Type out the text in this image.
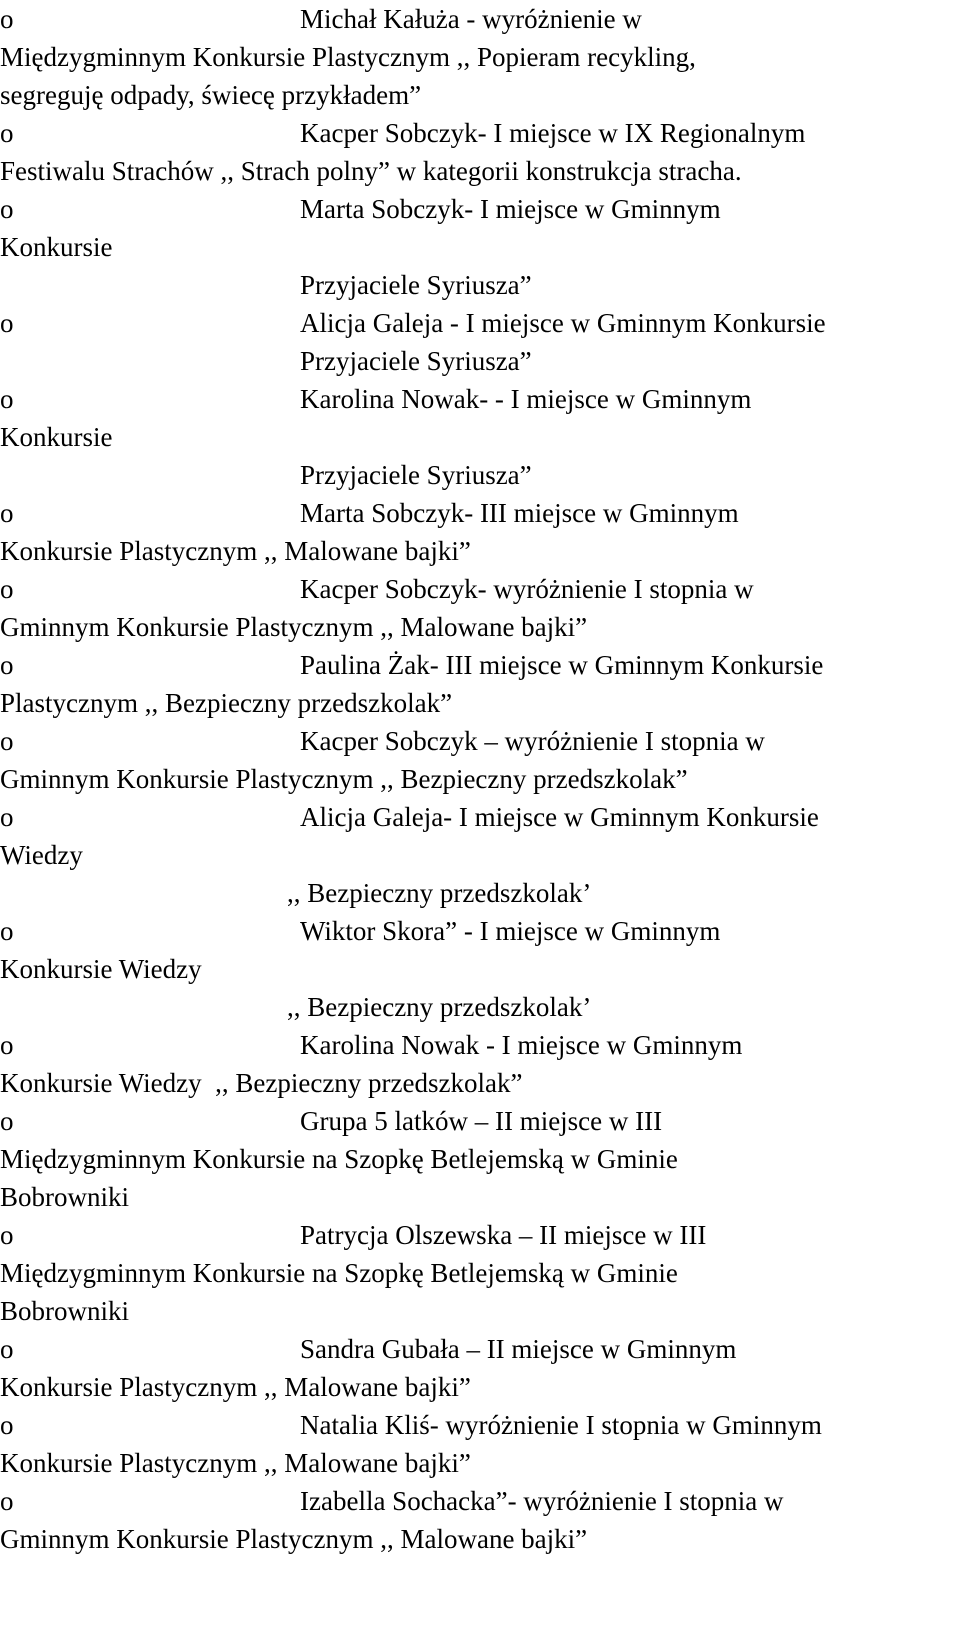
o	Michał Kałuża - wyróżnienie w
Międzygminnym Konkursie Plastycznym ,, Popieram recykling,
segreguję odpady, świecę przykładem”
o	Kacper Sobczyk- I miejsce w IX Regionalnym
Festiwalu Strachów ,, Strach polny” w kategorii konstrukcja stracha.
o	Marta Sobczyk- I miejsce w Gminnym
Konkursie
Przyjaciele Syriusza”
o	Alicja Galeja - I miejsce w Gminnym Konkursie
Przyjaciele Syriusza”
o	Karolina Nowak- - I miejsce w Gminnym
Konkursie
Przyjaciele Syriusza”
o	Marta Sobczyk- III miejsce w Gminnym
Konkursie Plastycznym ,, Malowane bajki”
o	Kacper Sobczyk- wyróżnienie I stopnia w
Gminnym Konkursie Plastycznym ,, Malowane bajki”
o	Paulina Żak- III miejsce w Gminnym Konkursie
Plastycznym ,, Bezpieczny przedszkolak”
o	Kacper Sobczyk – wyróżnienie I stopnia w
Gminnym Konkursie Plastycznym ,, Bezpieczny przedszkolak”
o	Alicja Galeja- I miejsce w Gminnym Konkursie
Wiedzy
,, Bezpieczny przedszkolak’
o	Wiktor Skora” - I miejsce w Gminnym
Konkursie Wiedzy
,, Bezpieczny przedszkolak’
o	Karolina Nowak - I miejsce w Gminnym
Konkursie Wiedzy  ,, Bezpieczny przedszkolak”
o	Grupa 5 latków – II miejsce w III
Międzygminnym Konkursie na Szopkę Betlejemską w Gminie
Bobrowniki
o	Patrycja Olszewska – II miejsce w III
Międzygminnym Konkursie na Szopkę Betlejemską w Gminie
Bobrowniki
o	Sandra Gubała – II miejsce w Gminnym
Konkursie Plastycznym ,, Malowane bajki”
o	Natalia Kliś- wyróżnienie I stopnia w Gminnym
Konkursie Plastycznym ,, Malowane bajki”
o	Izabella Sochacka”- wyróżnienie I stopnia w
Gminnym Konkursie Plastycznym ,, Malowane bajki”
